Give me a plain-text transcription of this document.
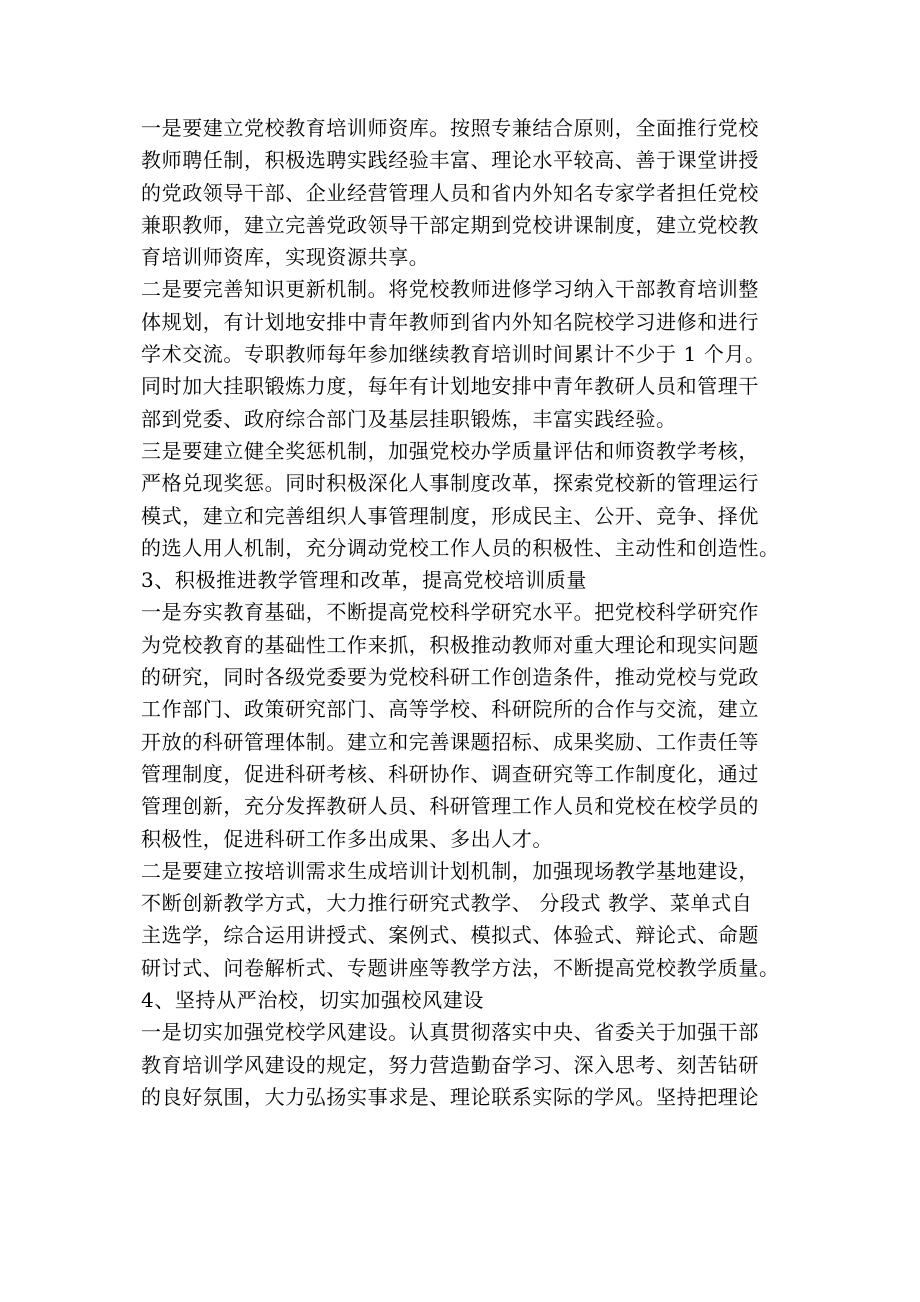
一是要建立党校教育培训师资库。按照专兼结合原则，全面推行党校
教师聘任制，积极选聘实践经验丰富、理论水平较高、善于课堂讲授
的党政领导干部、企业经营管理人员和省内外知名专家学者担任党校
兼职教师，建立完善党政领导干部定期到党校讲课制度，建立党校教
育培训师资库，实现资源共享。
二是要完善知识更新机制。将党校教师进修学习纳入干部教育培训整
体规划，有计划地安排中青年教师到省内外知名院校学习进修和进行
学术交流。专职教师每年参加继续教育培训时间累计不少于 1 个月。
同时加大挂职锻炼力度，每年有计划地安排中青年教研人员和管理干
部到党委、政府综合部门及基层挂职锻炼，丰富实践经验。
三是要建立健全奖惩机制，加强党校办学质量评估和师资教学考核，
严格兑现奖惩。同时积极深化人事制度改革，探索党校新的管理运行
模式，建立和完善组织人事管理制度，形成民主、公开、竞争、择优
的选人用人机制，充分调动党校工作人员的积极性、主动性和创造性。
3、积极推进教学管理和改革，提高党校培训质量
一是夯实教育基础，不断提高党校科学研究水平。把党校科学研究作
为党校教育的基础性工作来抓，积极推动教师对重大理论和现实问题
的研究，同时各级党委要为党校科研工作创造条件，推动党校与党政
工作部门、政策研究部门、高等学校、科研院所的合作与交流，建立
开放的科研管理体制。建立和完善课题招标、成果奖励、工作责任等
管理制度，促进科研考核、科研协作、调查研究等工作制度化，通过
管理创新，充分发挥教研人员、科研管理工作人员和党校在校学员的
积极性，促进科研工作多出成果、多出人才。
二是要建立按培训需求生成培训计划机制，加强现场教学基地建设，
不断创新教学方式，大力推行研究式教学、 分段式 教学、菜单式自
主选学，综合运用讲授式、案例式、模拟式、体验式、辩论式、命题
研讨式、问卷解析式、专题讲座等教学方法，不断提高党校教学质量。
4、坚持从严治校，切实加强校风建设
一是切实加强党校学风建设。认真贯彻落实中央、省委关于加强干部
教育培训学风建设的规定，努力营造勤奋学习、深入思考、刻苦钻研
的良好氛围，大力弘扬实事求是、理论联系实际的学风。坚持把理论
